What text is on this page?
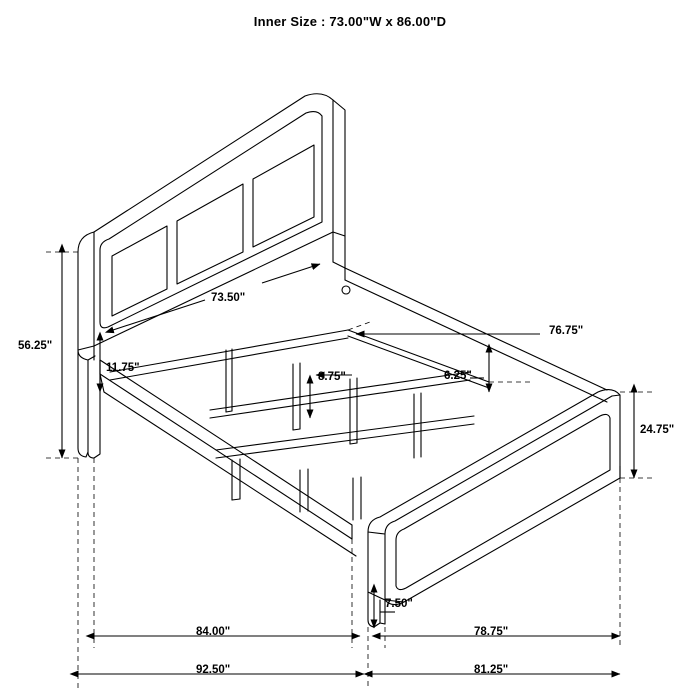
Inner Size : 73.00"W x 86.00"D
56.25"
73.50"
11.75"
8.75"	6.25"
76.75"
24.75"
7.50"
84.00"	78.75"
92.50"	81.25"
